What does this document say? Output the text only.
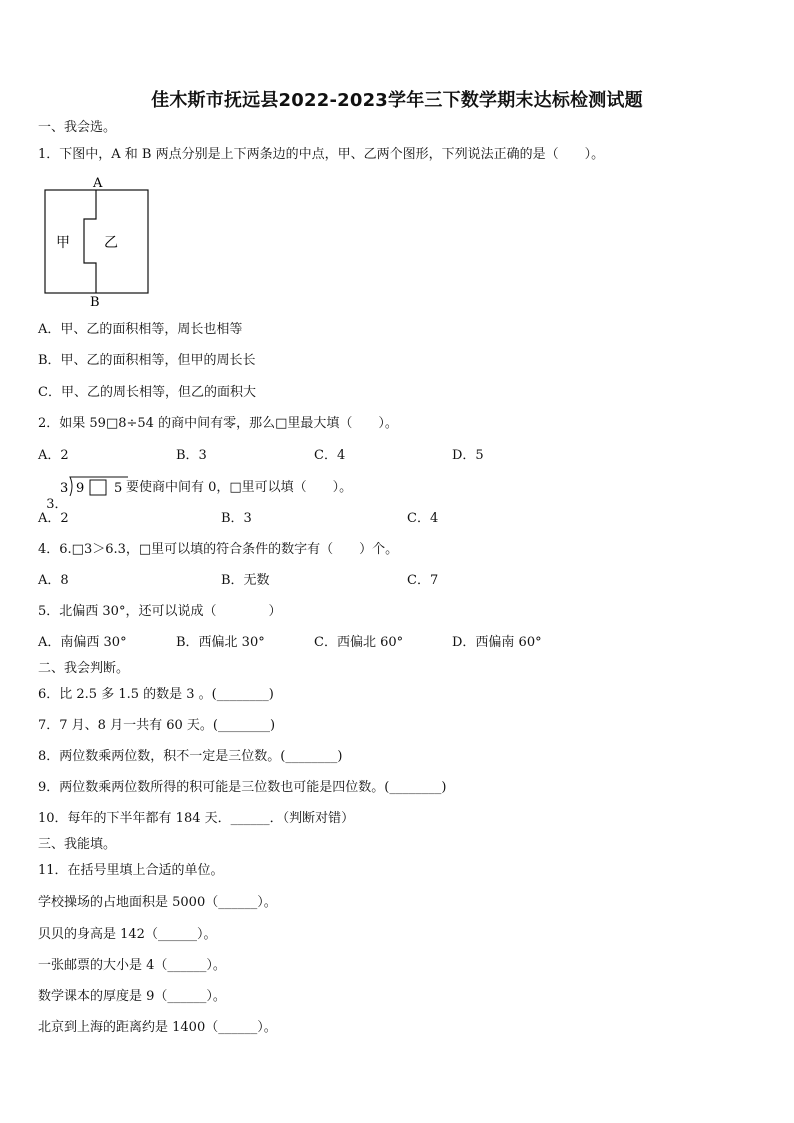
佳木斯市抚远县2022-2023学年三下数学期末达标检测试题
一、我会选。
1．下图中，A 和 B 两点分别是上下两条边的中点，甲、乙两个图形，下列说法正确的是（　　）。
A
B
甲 乙
A．甲、乙的面积相等，周长也相等
B．甲、乙的面积相等，但甲的周长长
C．甲、乙的周长相等，但乙的面积大
2．如果 59□8÷54 的商中间有零，那么□里最大填（　　）。
A．2	B．3	C．4	D．5

3．

3 9 5 要使商中间有 0，□里可以填（　　）。
A．2	B．3	C．4
4．6.□3＞6.3，□里可以填的符合条件的数字有（　　）个。
A．8	B．无数	C．7
5．北偏西 30°，还可以说成（　　　　）
A．南偏西 30°	B．西偏北 30°	C．西偏北 60°	D．西偏南 60°
二、我会判断。
6．比 2.5 多 1.5 的数是 3 。(________)
7．7 月、8 月一共有 60 天。(________)
8．两位数乘两位数，积不一定是三位数。(________)
9．两位数乘两位数所得的积可能是三位数也可能是四位数。(________)
10．每年的下半年都有 184 天．______．（判断对错）
三、我能填。
11．在括号里填上合适的单位。
学校操场的占地面积是 5000（______）。
贝贝的身高是 142（______）。
一张邮票的大小是 4（______）。
数学课本的厚度是 9（______）。
北京到上海的距离约是 1400（______）。
